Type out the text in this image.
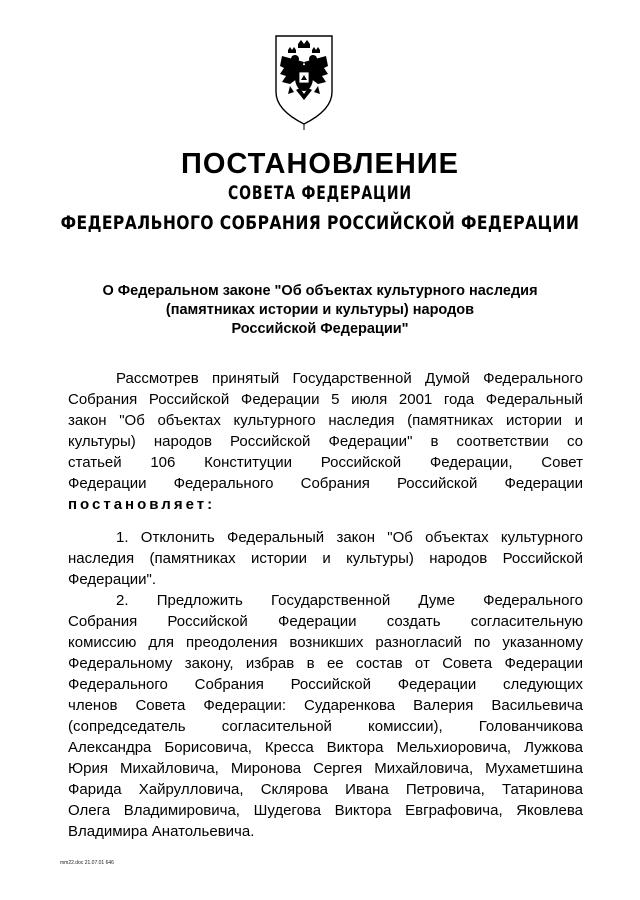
ПОСТАНОВЛЕНИЕ
СОВЕТА ФЕДЕРАЦИИ
ФЕДЕРАЛЬНОГО СОБРАНИЯ РОССИЙСКОЙ ФЕДЕРАЦИИ
О Федеральном законе "Об объектах культурного наследия
(памятниках истории и культуры) народов
Российской Федерации"
Рассмотрев принятый Государственной Думой Федерального
Собрания Российской Федерации 5 июля 2001 года Федеральный
закон "Об объектах культурного наследия (памятниках истории и
культуры) народов Российской Федерации" в соответствии со
статьей 106 Конституции Российской Федерации, Совет
Федерации Федерального Собрания Российской Федерации
постановляет:
1. Отклонить Федеральный закон "Об объектах культурного
наследия (памятниках истории и культуры) народов Российской
Федерации".
2. Предложить Государственной Думе Федерального
Собрания Российской Федерации создать согласительную
комиссию для преодоления возникших разногласий по указанному
Федеральному закону, избрав в ее состав от Совета Федерации
Федерального Собрания Российской Федерации следующих
членов Совета Федерации: Судаpенкова Валерия Васильевича
(сопредседатель согласительной комиссии), Голованчикова
Александра Борисовича, Кресса Виктора Мельхиоровича, Лужкова
Юрия Михайловича, Миронова Сергея Михайловича, Мухаметшина
Фарида Хайрулловича, Склярова Ивана Петровича, Татаринова
Олега Владимировича, Шудегова Виктора Евграфовича, Яковлева
Владимира Анатольевича.
mm22.doc 21.07.01 646
